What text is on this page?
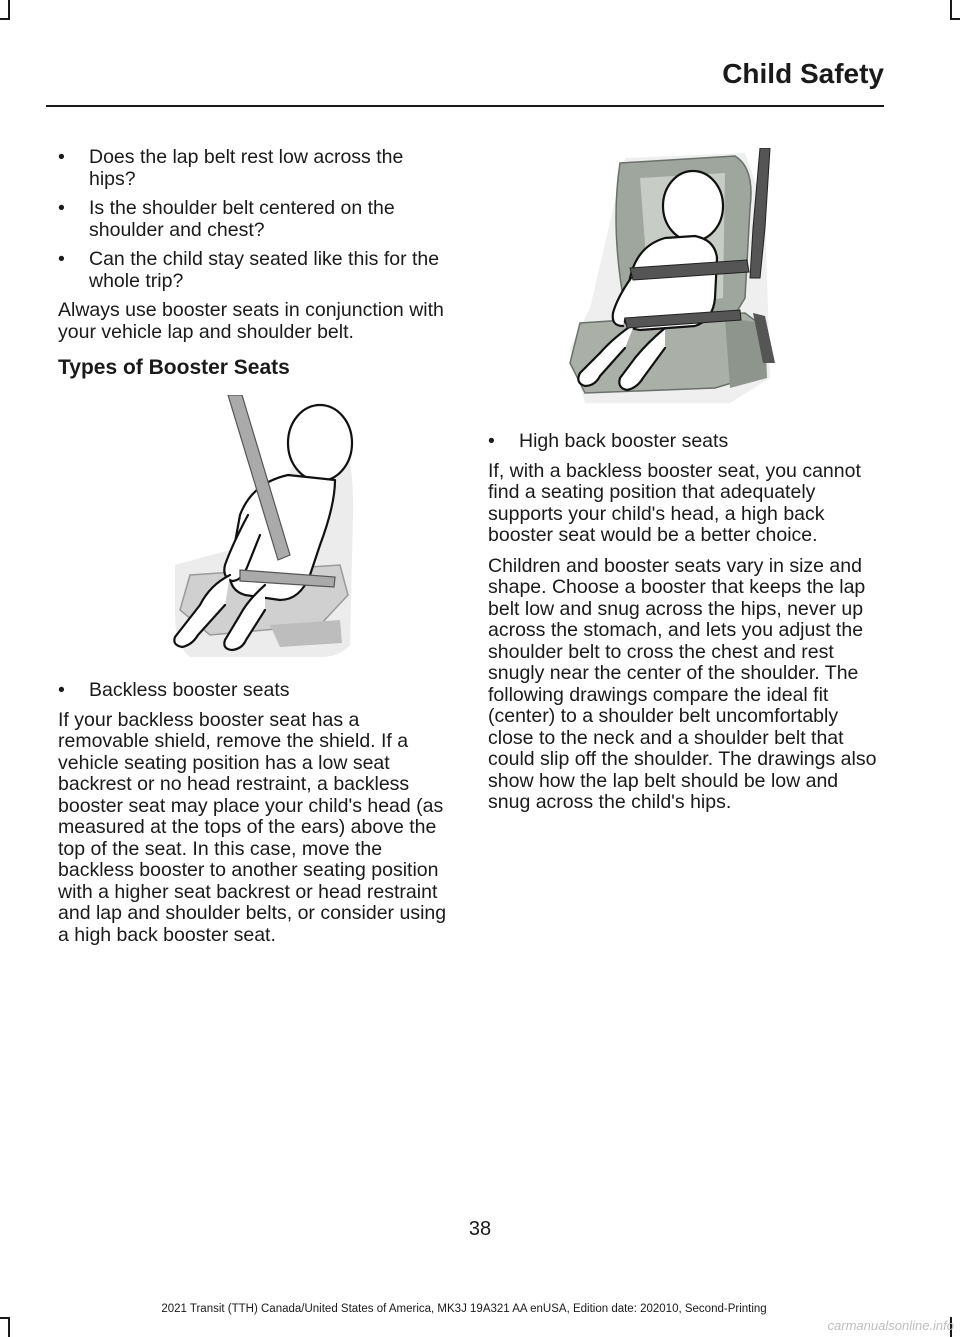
Child Safety
• Does the lap belt rest low across the hips?
• Is the shoulder belt centered on the shoulder and chest?
• Can the child stay seated like this for the whole trip?

Always use booster seats in conjunction with your vehicle lap and shoulder belt.

Types of Booster Seats
• Backless booster seats

If your backless booster seat has a removable shield, remove the shield. If a vehicle seating position has a low seat backrest or no head restraint, a backless booster seat may place your child's head (as measured at the tops of the ears) above the top of the seat. In this case, move the backless booster to another seating position with a higher seat backrest or head restraint and lap and shoulder belts, or consider using a high back booster seat.

• High back booster seats

If, with a backless booster seat, you cannot find a seating position that adequately supports your child's head, a high back booster seat would be a better choice.

Children and booster seats vary in size and shape. Choose a booster that keeps the lap belt low and snug across the hips, never up across the stomach, and lets you adjust the shoulder belt to cross the chest and rest snugly near the center of the shoulder. The following drawings compare the ideal fit (center) to a shoulder belt uncomfortably close to the neck and a shoulder belt that could slip off the shoulder. The drawings also show how the lap belt should be low and snug across the child's hips.

38
2021 Transit (TTH) Canada/United States of America, MK3J 19A321 AA enUSA, Edition date: 202010, Second-Printing
carmanualsonline.info
